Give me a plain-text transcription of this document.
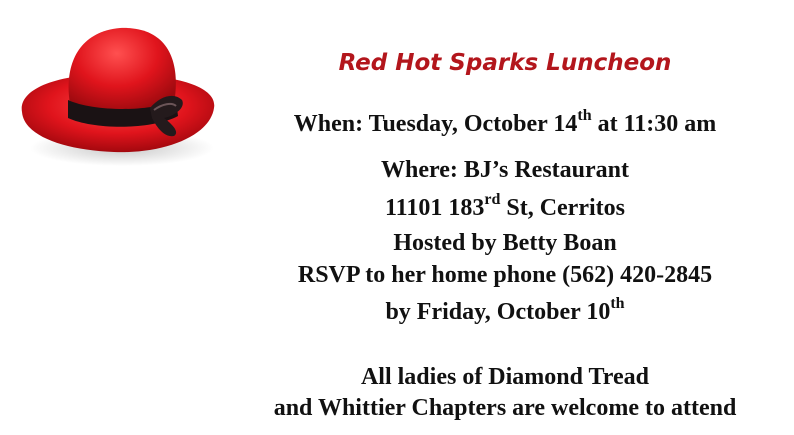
Red Hot Sparks Luncheon
When: Tuesday, October 14th at 11:30 am
Where: BJ’s Restaurant
11101 183rd St, Cerritos
Hosted by Betty Boan
RSVP to her home phone (562) 420-2845
by Friday, October 10th
All ladies of Diamond Tread
and Whittier Chapters are welcome to attend
